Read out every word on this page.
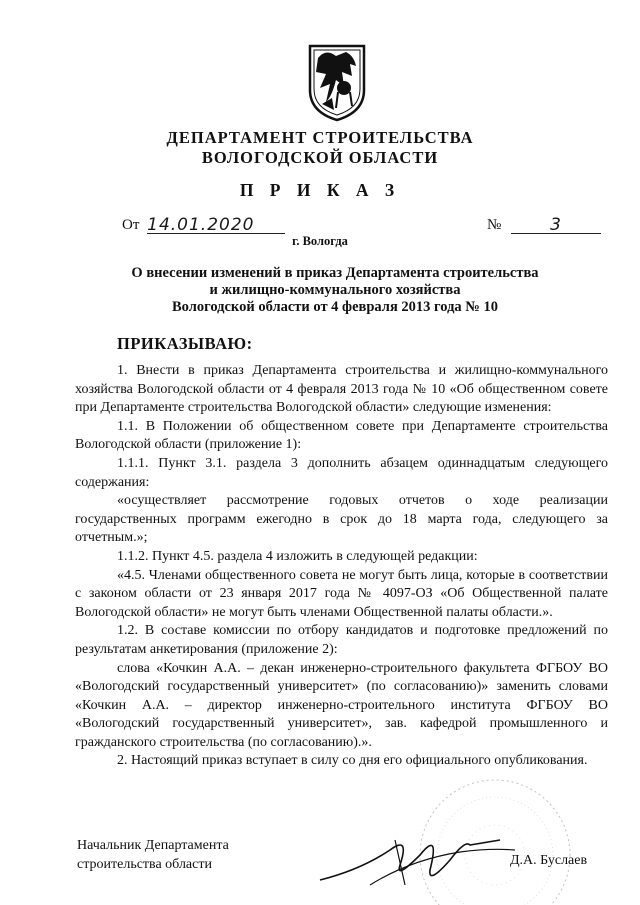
ДЕПАРТАМЕНТ СТРОИТЕЛЬСТВА
ВОЛОГОДСКОЙ ОБЛАСТИ
П Р И К А З
От 14.01.2020	№	3
г. Вологда
О внесении изменений в приказ Департамента строительства
и жилищно-коммунального хозяйства
Вологодской области от 4 февраля 2013 года № 10
ПРИКАЗЫВАЮ:

1. Внести в приказ Департамента строительства и жилищно-коммунального хозяйства Вологодской области от 4 февраля 2013 года № 10 «Об общественном совете при Департаменте строительства Вологодской области» следующие изменения:

1.1. В Положении об общественном совете при Департаменте строительства Вологодской области (приложение 1):

1.1.1. Пункт 3.1. раздела 3 дополнить абзацем одиннадцатым следующего содержания:

«осуществляет рассмотрение годовых отчетов о ходе реализации государственных программ ежегодно в срок до 18 марта года, следующего за отчетным.»;

1.1.2. Пункт 4.5. раздела 4 изложить в следующей редакции:

«4.5. Членами общественного совета не могут быть лица, которые в соответствии с законом области от 23 января 2017 года № 4097-ОЗ «Об Общественной палате Вологодской области» не могут быть членами Общественной палаты области.».

1.2. В составе комиссии по отбору кандидатов и подготовке предложений по результатам анкетирования (приложение 2):

слова «Кочкин А.А. – декан инженерно-строительного факультета ФГБОУ ВО «Вологодский государственный университет» (по согласованию)» заменить словами «Кочкин А.А. – директор инженерно-строительного института ФГБОУ ВО «Вологодский государственный университет», зав. кафедрой промышленного и гражданского строительства (по согласованию).».

2. Настоящий приказ вступает в силу со дня его официального опубликования.

Начальник Департамента
строительства области	Д.А. Буслаев
